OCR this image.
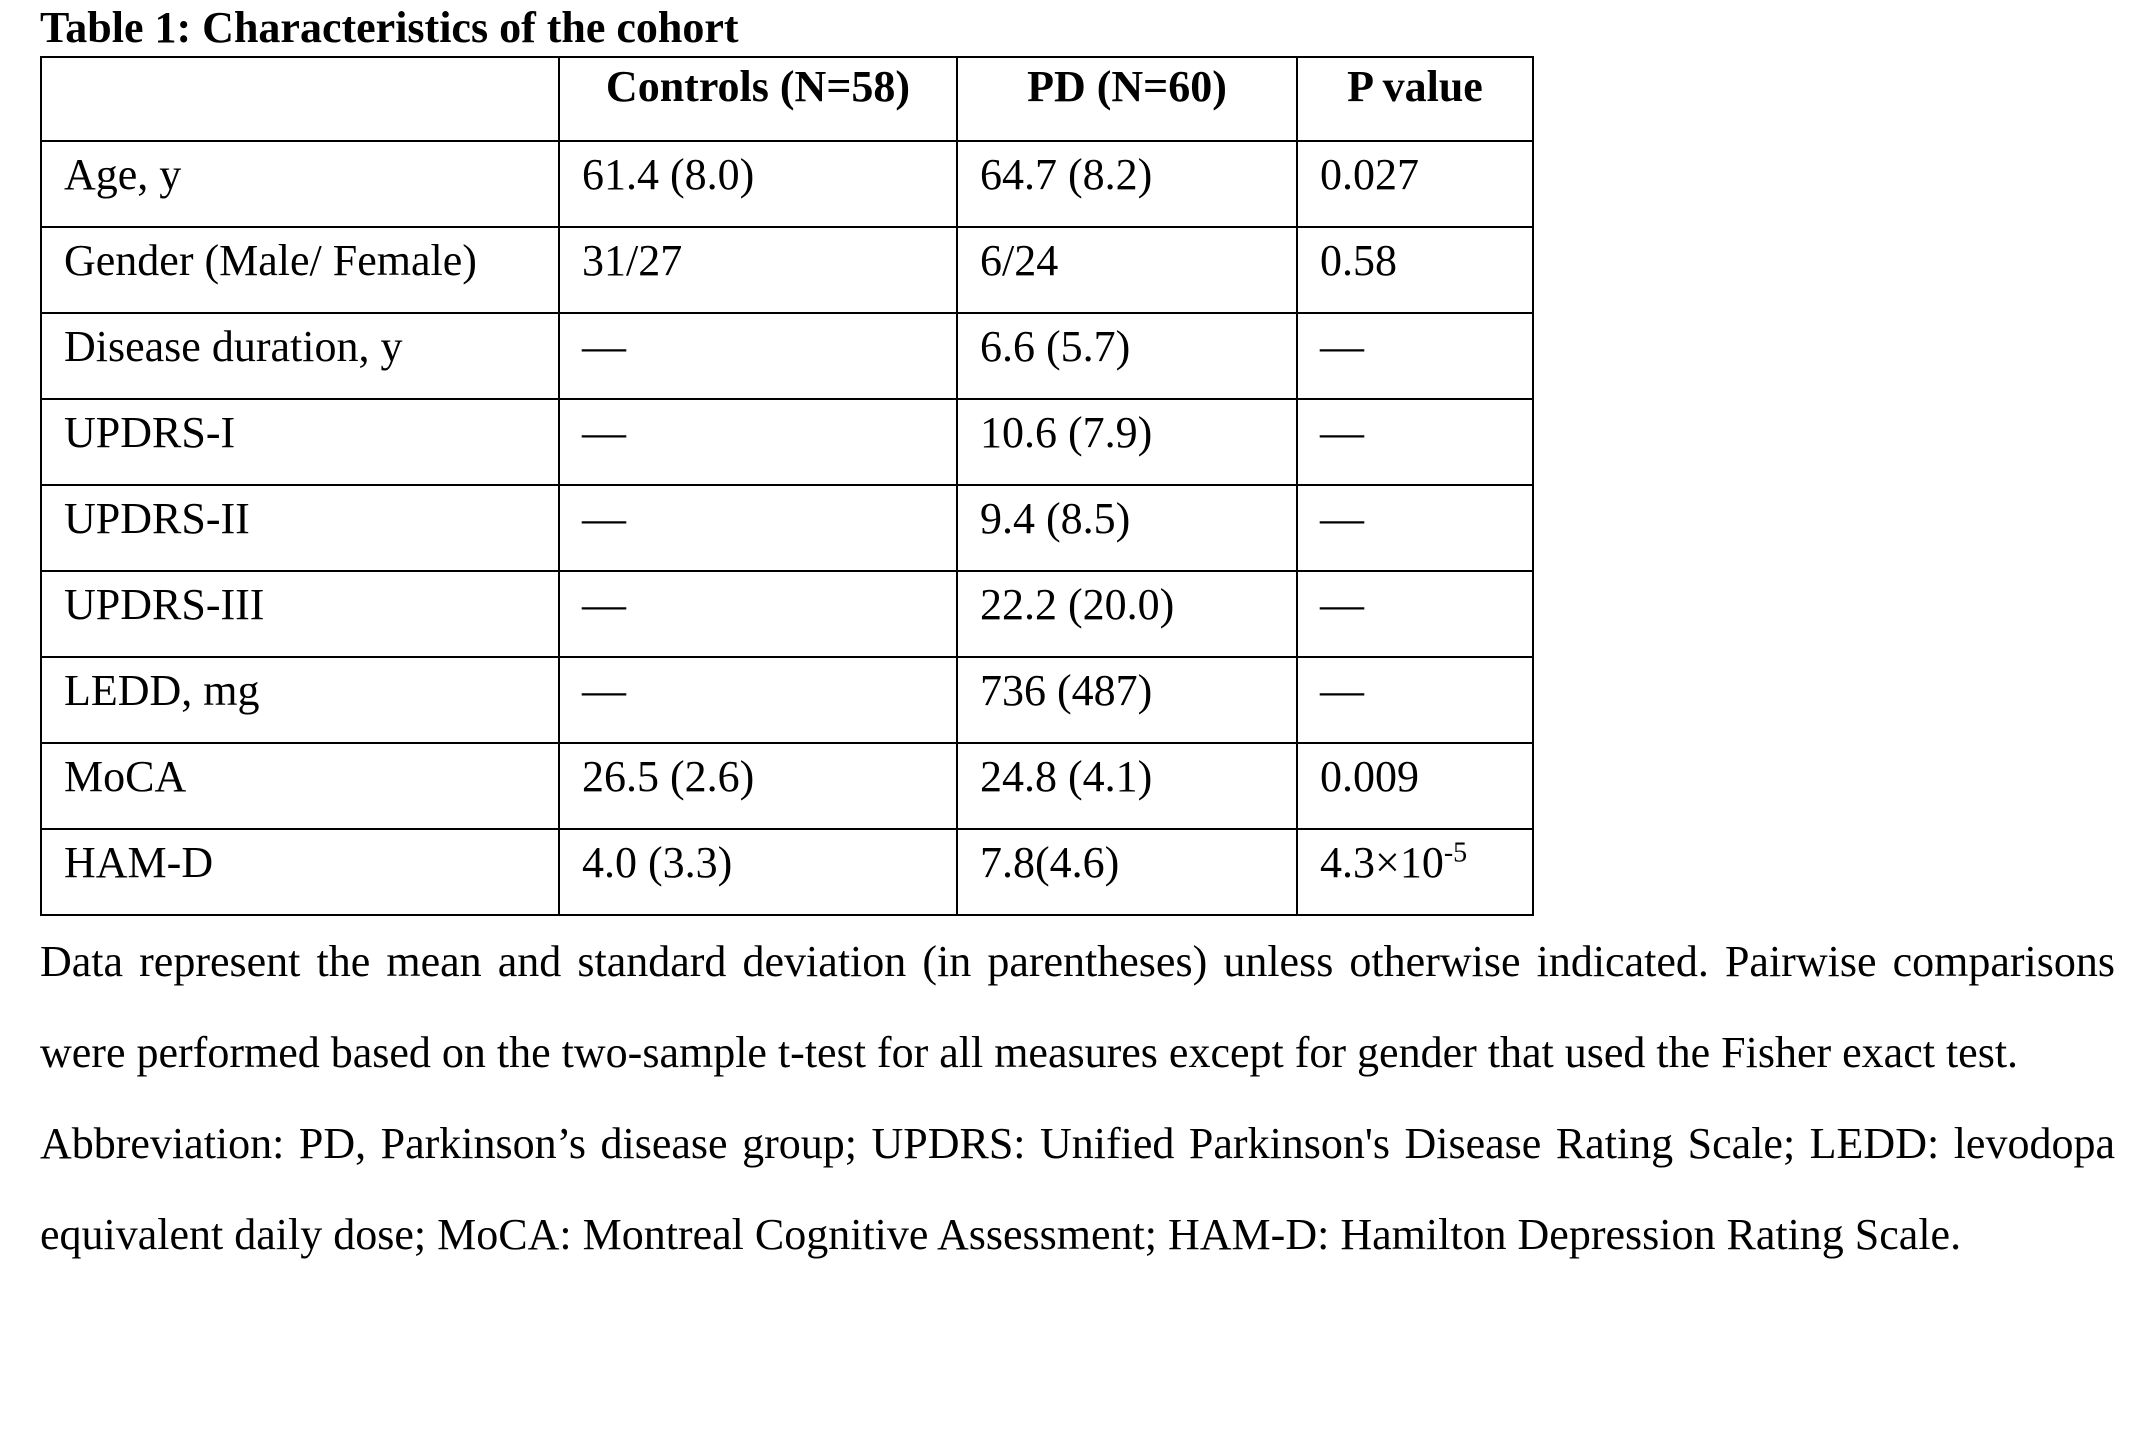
Table 1: Characteristics of the cohort

	Controls (N=58)	PD (N=60)	P value
Age, y	61.4 (8.0)	64.7 (8.2)	0.027
Gender (Male/ Female)	31/27	6/24	0.58
Disease duration, y	—	6.6 (5.7)	—
UPDRS-I	—	10.6 (7.9)	—
UPDRS-II	—	9.4 (8.5)	—
UPDRS-III	—	22.2 (20.0)	—
LEDD, mg	—	736 (487)	—
MoCA	26.5 (2.6)	24.8 (4.1)	0.009
HAM-D	4.0 (3.3)	7.8(4.6)	$4.3\times 10^{-5}$

Data represent the mean and standard deviation (in parentheses) unless otherwise indicated. Pairwise comparisons were performed based on the two-sample t-test for all measures except for gender that used the Fisher exact test.

Abbreviation: PD, Parkinson’s disease group; UPDRS: Unified Parkinson's Disease Rating Scale; LEDD: levodopa equivalent daily dose; MoCA: Montreal Cognitive Assessment; HAM-D: Hamilton Depression Rating Scale.
